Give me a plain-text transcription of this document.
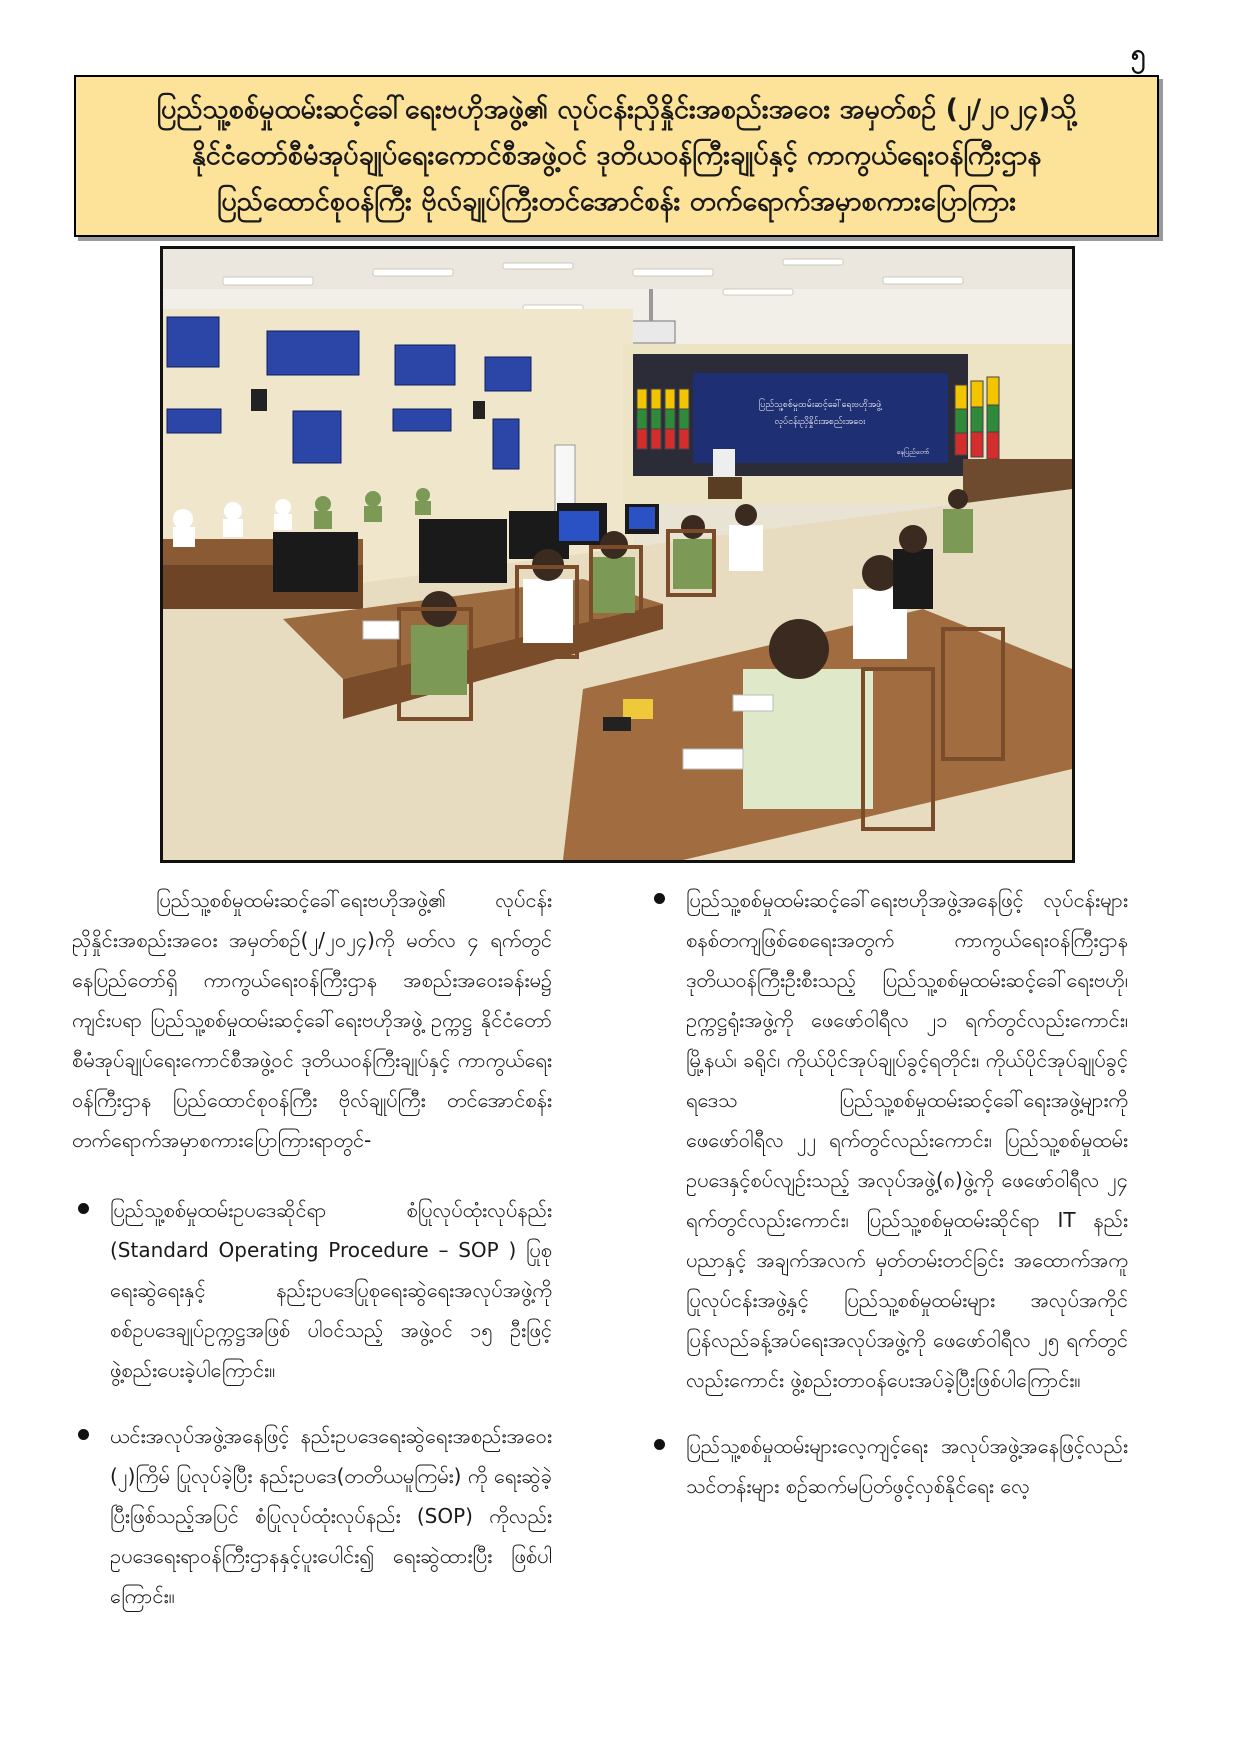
၅
ပြည်သူ့စစ်မှုထမ်းဆင့်ခေါ်ရေးဗဟိုအဖွဲ့၏ လုပ်ငန်းညှိနှိုင်းအစည်းအဝေး အမှတ်စဉ် (၂/၂၀၂၄)သို့
နိုင်ငံတော်စီမံအုပ်ချုပ်ရေးကောင်စီအဖွဲ့ဝင် ဒုတိယဝန်ကြီးချုပ်နှင့် ကာကွယ်ရေးဝန်ကြီးဌာန
ပြည်ထောင်စုဝန်ကြီး ဗိုလ်ချုပ်ကြီးတင်အောင်စန်း တက်ရောက်အမှာစကားပြောကြား
ပြည်သူ့စစ်မှုထမ်းဆင့်ခေါ်ရေးဗဟိုအဖွဲ့
လုပ်ငန်းညှိနှိုင်းအစည်းအဝေး
နေပြည်တော်

ပြည်သူ့စစ်မှုထမ်းဆင့်ခေါ်ရေးဗဟိုအဖွဲ့၏ လုပ်ငန်းညှိနှိုင်းအစည်းအဝေး အမှတ်စဉ်(၂/၂၀၂၄)ကို မတ်လ ၄ ရက်တွင် နေပြည်တော်ရှိ ကာကွယ်ရေးဝန်ကြီးဌာန အစည်းအဝေးခန်းမ၌ ကျင်းပရာ ပြည်သူ့စစ်မှုထမ်းဆင့်ခေါ်ရေးဗဟိုအဖွဲ့ ဥက္ကဋ္ဌ နိုင်ငံတော်စီမံအုပ်ချုပ်ရေးကောင်စီအဖွဲ့ဝင် ဒုတိယဝန်ကြီးချုပ်နှင့် ကာကွယ်ရေးဝန်ကြီးဌာန ပြည်ထောင်စုဝန်ကြီး ဗိုလ်ချုပ်ကြီး တင်အောင်စန်း တက်ရောက်အမှာစကားပြောကြားရာတွင်-

ပြည်သူ့စစ်မှုထမ်းဥပဒေဆိုင်ရာ စံပြုလုပ်ထုံးလုပ်နည်း (Standard Operating Procedure – SOP ) ပြုစုရေးဆွဲရေးနှင့် နည်းဥပဒေပြုစုရေးဆွဲရေးအလုပ်အဖွဲ့ကို စစ်ဥပဒေချုပ်ဥက္ကဋ္ဌအဖြစ် ပါဝင်သည့် အဖွဲ့ဝင် ၁၅ ဦးဖြင့် ဖွဲ့စည်းပေးခဲ့ပါကြောင်း။
ယင်းအလုပ်အဖွဲ့အနေဖြင့် နည်းဥပဒေရေးဆွဲရေးအစည်းအဝေး (၂)ကြိမ် ပြုလုပ်ခဲ့ပြီး နည်းဥပဒေ(တတိယမူကြမ်း) ကို ရေးဆွဲခဲ့ပြီးဖြစ်သည့်အပြင် စံပြုလုပ်ထုံးလုပ်နည်း (SOP) ကိုလည်း ဥပဒေရေးရာဝန်ကြီးဌာနနှင့်ပူးပေါင်း၍ ရေးဆွဲထားပြီး ဖြစ်ပါကြောင်း။
ပြည်သူ့စစ်မှုထမ်းဆင့်ခေါ်ရေးဗဟိုအဖွဲ့အနေဖြင့် လုပ်ငန်းများ စနစ်တကျဖြစ်စေရေးအတွက် ကာကွယ်ရေးဝန်ကြီးဌာန ဒုတိယဝန်ကြီးဦးစီးသည့် ပြည်သူ့စစ်မှုထမ်းဆင့်ခေါ်ရေးဗဟို၊ ဥက္ကဋ္ဌရုံးအဖွဲ့ကို ဖေဖော်ဝါရီလ ၂၁ ရက်တွင်လည်းကောင်း၊ မြို့နယ်၊ ခရိုင်၊ ကိုယ်ပိုင်အုပ်ချုပ်ခွင့်ရတိုင်း၊ ကိုယ်ပိုင်အုပ်ချုပ်ခွင့်ရဒေသ ပြည်သူ့စစ်မှုထမ်းဆင့်ခေါ်ရေးအဖွဲ့များကို ဖေဖော်ဝါရီလ ၂၂ ရက်တွင်လည်းကောင်း၊ ပြည်သူ့စစ်မှုထမ်းဥပဒေနှင့်စပ်လျဉ်းသည့် အလုပ်အဖွဲ့(၈)ဖွဲ့ကို ဖေဖော်ဝါရီလ ၂၄ ရက်တွင်လည်းကောင်း၊ ပြည်သူ့စစ်မှုထမ်းဆိုင်ရာ IT နည်းပညာနှင့် အချက်အလက် မှတ်တမ်းတင်ခြင်း အထောက်အကူပြုလုပ်ငန်းအဖွဲ့နှင့် ပြည်သူ့စစ်မှုထမ်းများ အလုပ်အကိုင်ပြန်လည်ခန့်အပ်ရေးအလုပ်အဖွဲ့ကို ဖေဖော်ဝါရီလ ၂၅ ရက်တွင်လည်းကောင်း ဖွဲ့စည်းတာဝန်ပေးအပ်ခဲ့ပြီးဖြစ်ပါကြောင်း။
ပြည်သူ့စစ်မှုထမ်းများလေ့ကျင့်ရေး အလုပ်အဖွဲ့အနေဖြင့်လည်း သင်တန်းများ စဉ်ဆက်မပြတ်ဖွင့်လှစ်နိုင်ရေး လေ့
